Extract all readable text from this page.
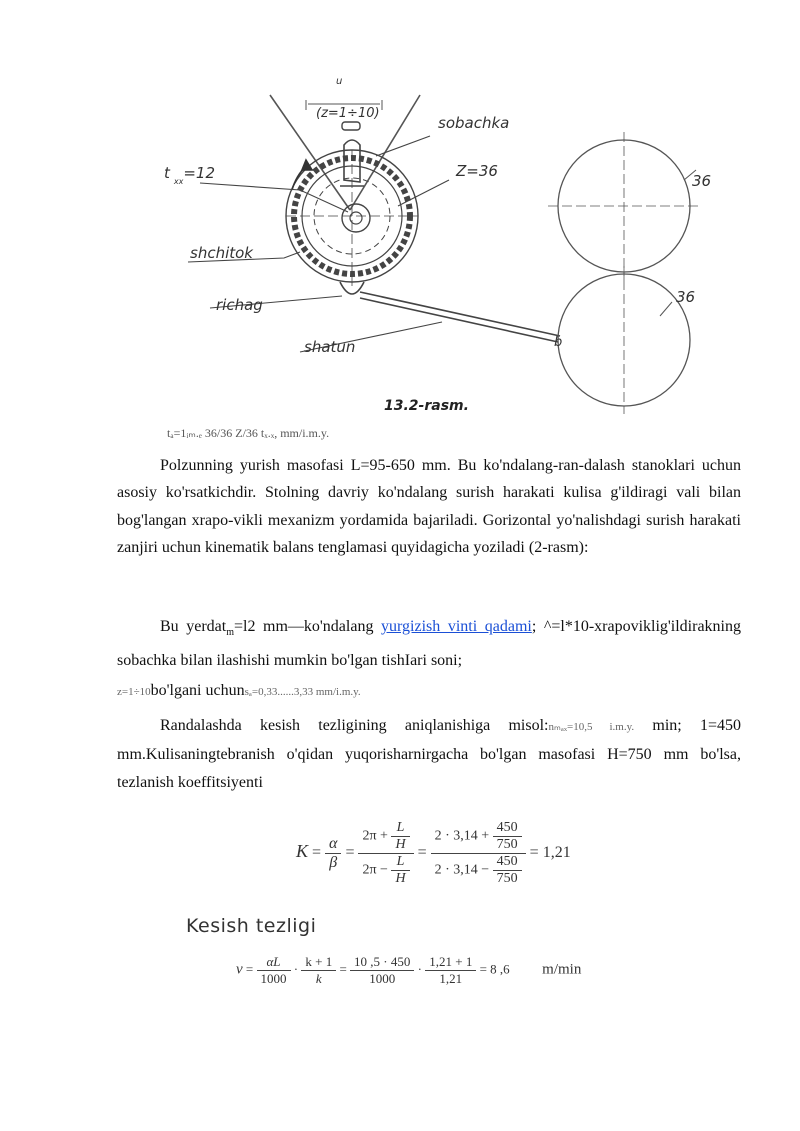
u
(z=1÷10)
sobachka
Z=36
t $_{xx}$=12
shchitok
richag
shatun
36
36
b
13.2-rasm.
tₐ=1ᵢₘ.ₑ 36/36 Z/36 tₓ.ₓ, mm/i.m.y.
Polzunning yurish masofasi L=95-650 mm. Bu ko'ndalang-ran-dalash stanoklari uchun asosiy ko'rsatkichdir. Stolning davriy ko'ndalang surish harakati kulisa g'ildiragi vali bilan bog'langan xrapo-vikli mexanizm yordamida bajariladi. Gorizontal yo'nalishdagi surish harakati zanjiri uchun kinematik balans tenglamasi quyidagicha yoziladi (2-rasm):
Bu yerdat$_m$=l2 mm—ko'ndalang yurgizish vinti qadami; ^=l*10-xrapoviklig'ildirakning sobachka bilan ilashishi mumkin bo'lgan tishIari soni;
z=1÷10bo'lgani uchunsₐ=0,33......3,33 mm/i.m.y.
Randalashda kesish tezligining aniqlanishiga misol:nₘₐₓ=10,5 i.m.y. min; 1=450 mm.Kulisaningtebranish o'qidan yuqorisharnirgacha bo'lgan masofasi H=750 mm bo'lsa, tezlanish koeffitsiyenti
$K = \frac{\alpha}{\beta} = \frac{2\pi + \frac{L}{H}}{2\pi - \frac{L}{H}} = \frac{2 \cdot 3,14 + \frac{450}{750}}{2 \cdot 3,14 - \frac{450}{750}} = 1,21$
Kesish tezligi
$v = \frac{\alpha L}{1000} \cdot \frac{k + 1}{k} = \frac{10 ,5 \cdot 450}{1000} \cdot \frac{1,21 + 1}{1,21} = 8$ ,6 m/min
